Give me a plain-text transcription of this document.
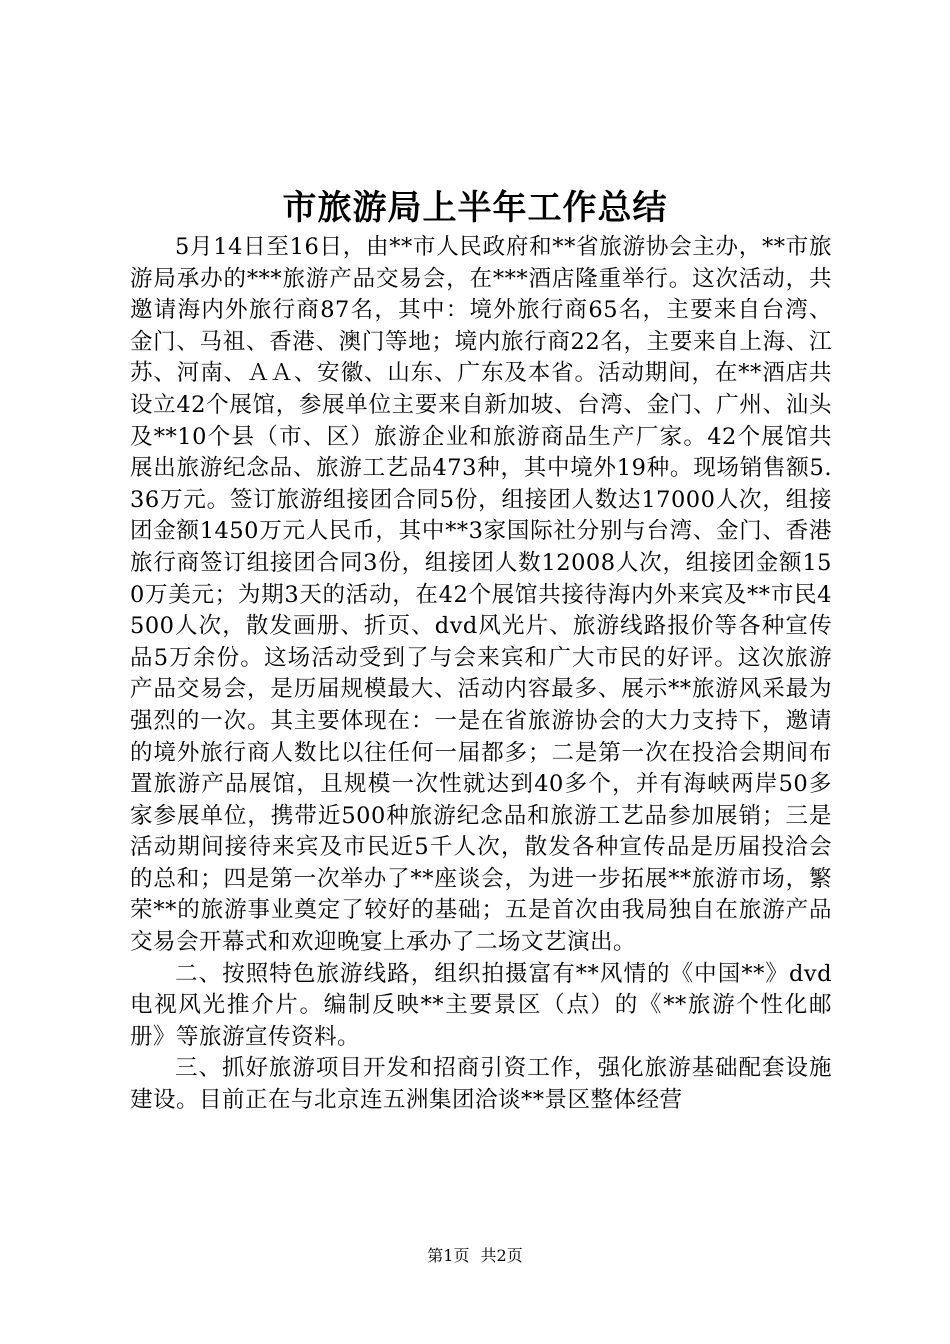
市旅游局上半年工作总结

5月14日至16日，由**市人民政府和**省旅游协会主办，**市旅游局承办的***旅游产品交易会，在***酒店隆重举行。这次活动，共邀请海内外旅行商87名，其中：境外旅行商65名，主要来自台湾、金门、马祖、香港、澳门等地；境内旅行商22名，主要来自上海、江苏、河南、ＡＡ、安徽、山东、广东及本省。活动期间，在**酒店共设立42个展馆，参展单位主要来自新加坡、台湾、金门、广州、汕头及**10个县（市、区）旅游企业和旅游商品生产厂家。42个展馆共展出旅游纪念品、旅游工艺品473种，其中境外19种。现场销售额5.36万元。签订旅游组接团合同5份，组接团人数达17000人次，组接团金额1450万元人民币，其中**3家国际社分别与台湾、金门、香港旅行商签订组接团合同3份，组接团人数12008人次，组接团金额150万美元；为期3天的活动，在42个展馆共接待海内外来宾及**市民4500人次，散发画册、折页、dvd风光片、旅游线路报价等各种宣传品5万余份。这场活动受到了与会来宾和广大市民的好评。这次旅游产品交易会，是历届规模最大、活动内容最多、展示**旅游风采最为强烈的一次。其主要体现在：一是在省旅游协会的大力支持下，邀请的境外旅行商人数比以往任何一届都多；二是第一次在投洽会期间布置旅游产品展馆，且规模一次性就达到40多个，并有海峡两岸50多家参展单位，携带近500种旅游纪念品和旅游工艺品参加展销；三是活动期间接待来宾及市民近5千人次，散发各种宣传品是历届投洽会的总和；四是第一次举办了**座谈会，为进一步拓展**旅游市场，繁荣**的旅游事业奠定了较好的基础；五是首次由我局独自在旅游产品交易会开幕式和欢迎晚宴上承办了二场文艺演出。

二、按照特色旅游线路，组织拍摄富有**风情的《中国**》dvd电视风光推介片。编制反映**主要景区（点）的《**旅游个性化邮册》等旅游宣传资料。

三、抓好旅游项目开发和招商引资工作，强化旅游基础配套设施建设。目前正在与北京连五洲集团洽谈**景区整体经营

第1页 共2页
